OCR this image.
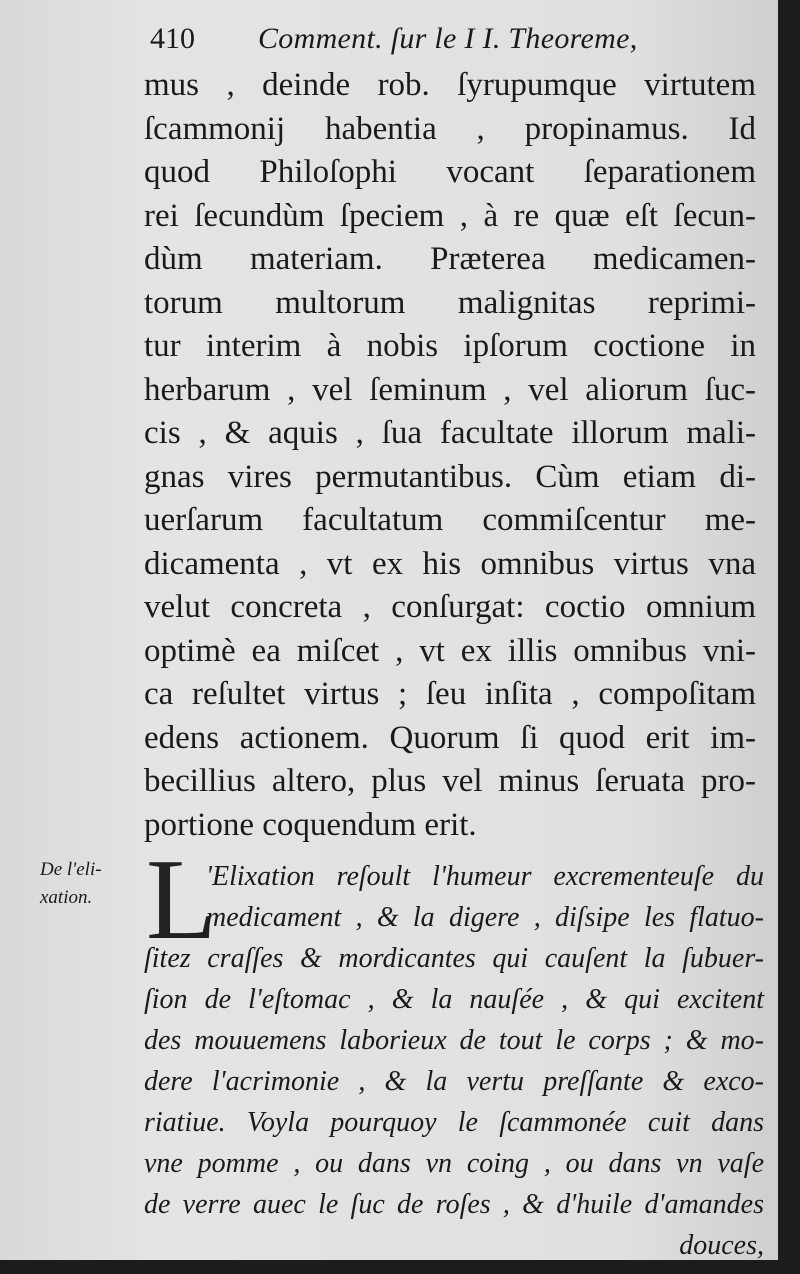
410 Comment. ſur le I I. Theoreme,
mus , deinde rob. ſyrupumque virtutem
ſcammonij habentia , propinamus. Id
quod Philoſophi vocant ſeparationem
rei ſecundùm ſpeciem , à re quæ eſt ſecun-
dùm materiam. Præterea medicamen-
torum multorum malignitas reprimi-
tur interim à nobis ipſorum coctione in
herbarum , vel ſeminum , vel aliorum ſuc-
cis , & aquis , ſua facultate illorum mali-
gnas vires permutantibus. Cùm etiam di-
uerſarum facultatum commiſcentur me-
dicamenta , vt ex his omnibus virtus vna
velut concreta , conſurgat: coctio omnium
optimè ea miſcet , vt ex illis omnibus vni-
ca reſultet virtus ; ſeu inſita , compoſitam
edens actionem. Quorum ſi quod erit im-
becillius altero, plus vel minus ſeruata pro-
portione coquendum erit.
De l'eli-
xation. L
'Elixation reſoult l'humeur excrementeuſe du
medicament , & la digere , diſsipe les flatuo-
ſitez craſſes & mordicantes qui cauſent la ſubuer-
ſion de l'eſtomac , & la nauſée , & qui excitent
des mouuemens laborieux de tout le corps ; & mo-
dere l'acrimonie , & la vertu preſſante & exco-
riatiue. Voyla pourquoy le ſcammonée cuit dans
vne pomme , ou dans vn coing , ou dans vn vaſe
de verre auec le ſuc de roſes , & d'huile d'amandes
douces,
